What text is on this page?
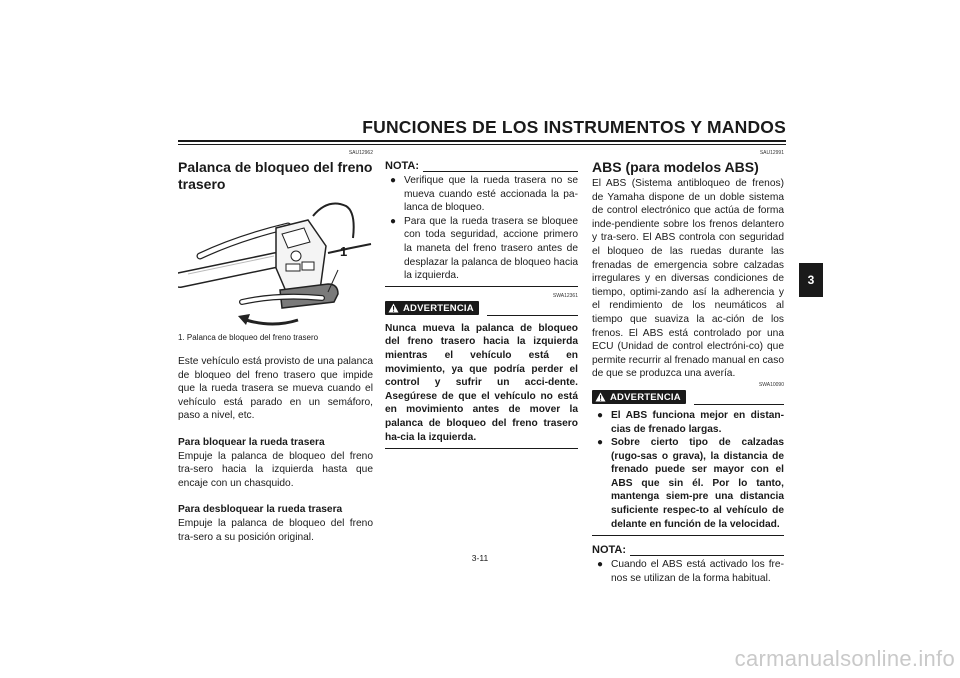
FUNCIONES DE LOS INSTRUMENTOS Y MANDOS
3
SAU12962
Palanca de bloqueo del freno trasero
1
1. Palanca de bloqueo del freno trasero

Este vehículo está provisto de una palanca de bloqueo del freno trasero que impide que la rueda trasera se mueva cuando el vehículo está parado en un semáforo, paso a nivel, etc.

Para bloquear la rueda trasera

Empuje la palanca de bloqueo del freno tra-sero hacia la izquierda hasta que encaje con un chasquido.

Para desbloquear la rueda trasera

Empuje la palanca de bloqueo del freno tra-sero a su posición original.

NOTA:
● Verifique que la rueda trasera no se mueva cuando esté accionada la pa-lanca de bloqueo.
● Para que la rueda trasera se bloquee con toda seguridad, accione primero la maneta del freno trasero antes de desplazar la palanca de bloqueo hacia la izquierda.
SWA12361
ADVERTENCIA
Nunca mueva la palanca de bloqueo del freno trasero hacia la izquierda mientras el vehículo está en movimiento, ya que podría perder el control y sufrir un acci-dente. Asegúrese de que el vehículo no está en movimiento antes de mover la palanca de bloqueo del freno trasero ha-cia la izquierda.
SAU12991
ABS (para modelos ABS)
El ABS (Sistema antibloqueo de frenos) de Yamaha dispone de un doble sistema de control electrónico que actúa de forma inde-pendiente sobre los frenos delantero y tra-sero. El ABS controla con seguridad el bloqueo de las ruedas durante las frenadas de emergencia sobre calzadas irregulares y en diversas condiciones de tiempo, optimi-zando así la adherencia y el rendimiento de los neumáticos al tiempo que suaviza la ac-ción de los frenos. El ABS está controlado por una ECU (Unidad de control electróni-co) que permite recurrir al frenado manual en caso de que se produzca una avería.
SWA10090
ADVERTENCIA
● El ABS funciona mejor en distan-cias de frenado largas.
● Sobre cierto tipo de calzadas (rugo-sas o grava), la distancia de frenado puede ser mayor con el ABS que sin él. Por lo tanto, mantenga siem-pre una distancia suficiente respec-to al vehículo de delante en función de la velocidad.
NOTA:
● Cuando el ABS está activado los fre-nos se utilizan de la forma habitual.
3-11
carmanualsonline.info
